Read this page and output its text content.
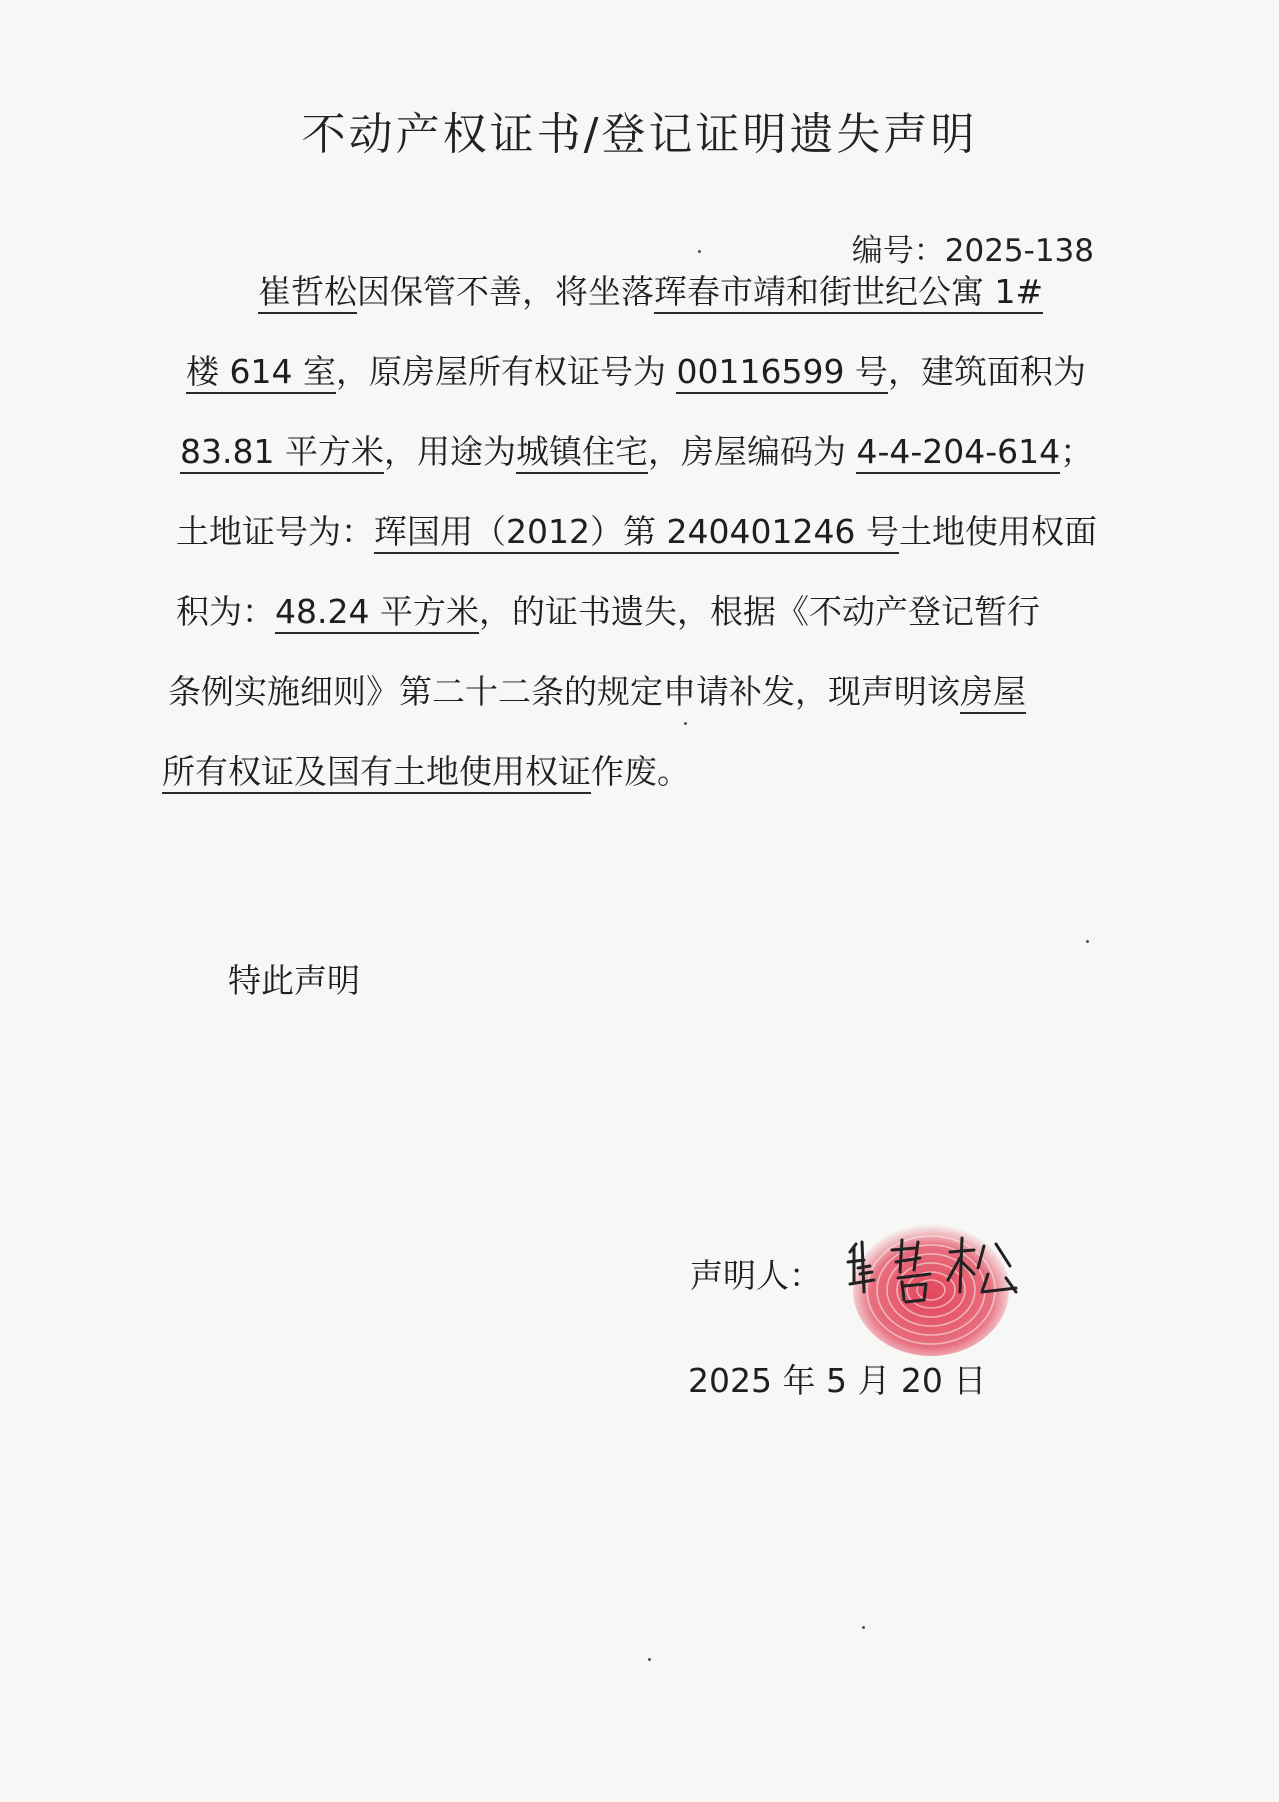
不动产权证书/登记证明遗失声明
编号：2025-138
崔哲松因保管不善，将坐落珲春市靖和街世纪公寓 1#
楼 614 室，原房屋所有权证号为 00116599 号，建筑面积为
83.81 平方米，用途为城镇住宅，房屋编码为 4-4-204-614；
土地证号为：珲国用（2012）第 240401246 号土地使用权面
积为：48.24 平方米，的证书遗失，根据《不动产登记暂行
条例实施细则》第二十二条的规定申请补发，现声明该房屋
所有权证及国有土地使用权证作废。
特此声明
声明人：
2025 年 5 月 20 日
